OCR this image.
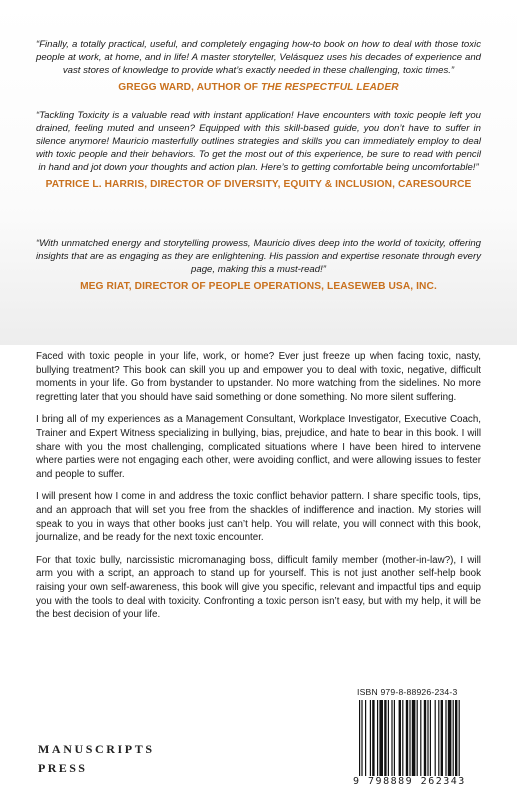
“Finally, a totally practical, useful, and completely engaging how-to book on how to deal with those toxic people at work, at home, and in life! A master storyteller, Velásquez uses his decades of experience and vast stores of knowledge to provide what’s exactly needed in these challenging, toxic times.”

GREGG WARD, AUTHOR OF THE RESPECTFUL LEADER

“Tackling Toxicity is a valuable read with instant application! Have encounters with toxic people left you drained, feeling muted and unseen? Equipped with this skill-based guide, you don’t have to suffer in silence anymore! Mauricio masterfully outlines strategies and skills you can immediately employ to deal with toxic people and their behaviors. To get the most out of this experience, be sure to read with pencil in hand and jot down your thoughts and action plan. Here’s to getting comfortable being uncomfortable!”

PATRICE L. HARRIS, DIRECTOR OF DIVERSITY, EQUITY & INCLUSION, CARESOURCE

“With unmatched energy and storytelling prowess, Mauricio dives deep into the world of toxicity, offering insights that are as engaging as they are enlightening. His passion and expertise resonate through every page, making this a must-read!”

MEG RIAT, DIRECTOR OF PEOPLE OPERATIONS, LEASEWEB USA, INC.

Faced with toxic people in your life, work, or home? Ever just freeze up when facing toxic, nasty, bullying treatment? This book can skill you up and empower you to deal with toxic, negative, difficult moments in your life. Go from bystander to upstander. No more watching from the sidelines. No more regretting later that you should have said something or done something. No more silent suffering.

I bring all of my experiences as a Management Consultant, Workplace Investigator, Executive Coach, Trainer and Expert Witness specializing in bullying, bias, prejudice, and hate to bear in this book. I will share with you the most challenging, complicated situations where I have been hired to intervene where parties were not engaging each other, were avoiding conflict, and were allowing issues to fester and people to suffer.

I will present how I come in and address the toxic conflict behavior pattern. I share specific tools, tips, and an approach that will set you free from the shackles of indifference and inaction. My stories will speak to you in ways that other books just can’t help. You will relate, you will connect with this book, journalize, and be ready for the next toxic encounter.

For that toxic bully, narcissistic micromanaging boss, difficult family member (mother-in-law?), I will arm you with a script, an approach to stand up for yourself. This is not just another self-help book raising your own self-awareness, this book will give you specific, relevant and impactful tips and equip you with the tools to deal with toxicity. Confronting a toxic person isn’t easy, but with my help, it will be the best decision of your life.

MANUSCRIPTS
PRESS
ISBN 979-8-88926-234-3
9 798889 262343
